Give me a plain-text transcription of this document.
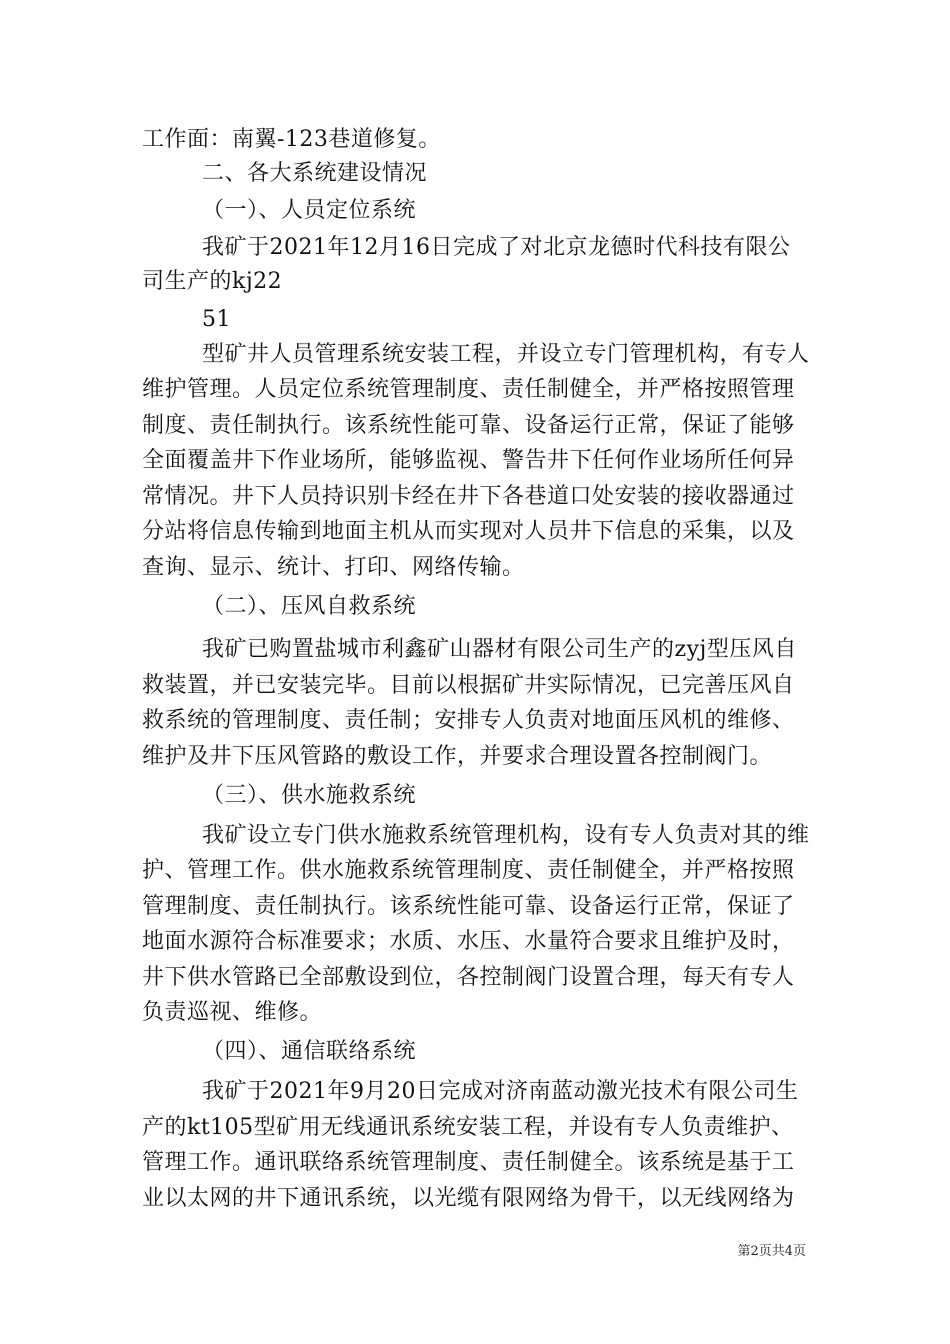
工作面：南翼-123巷道修复。
二、各大系统建设情况
（一）、人员定位系统
我矿于2021年12月16日完成了对北京龙德时代科技有限公
司生产的kj22
51
型矿井人员管理系统安装工程，并设立专门管理机构，有专人
维护管理。人员定位系统管理制度、责任制健全，并严格按照管理
制度、责任制执行。该系统性能可靠、设备运行正常，保证了能够
全面覆盖井下作业场所，能够监视、警告井下任何作业场所任何异
常情况。井下人员持识别卡经在井下各巷道口处安装的接收器通过
分站将信息传输到地面主机从而实现对人员井下信息的采集，以及
查询、显示、统计、打印、网络传输。
（二）、压风自救系统
我矿已购置盐城市利鑫矿山器材有限公司生产的zyj型压风自
救装置，并已安装完毕。目前以根据矿井实际情况，已完善压风自
救系统的管理制度、责任制；安排专人负责对地面压风机的维修、
维护及井下压风管路的敷设工作，并要求合理设置各控制阀门。
（三）、供水施救系统
我矿设立专门供水施救系统管理机构，设有专人负责对其的维
护、管理工作。供水施救系统管理制度、责任制健全，并严格按照
管理制度、责任制执行。该系统性能可靠、设备运行正常，保证了
地面水源符合标准要求；水质、水压、水量符合要求且维护及时，
井下供水管路已全部敷设到位，各控制阀门设置合理，每天有专人
负责巡视、维修。
（四）、通信联络系统
我矿于2021年9月20日完成对济南蓝动激光技术有限公司生
产的kt105型矿用无线通讯系统安装工程，并设有专人负责维护、
管理工作。通讯联络系统管理制度、责任制健全。该系统是基于工
业以太网的井下通讯系统，以光缆有限网络为骨干，以无线网络为
第2页共4页
